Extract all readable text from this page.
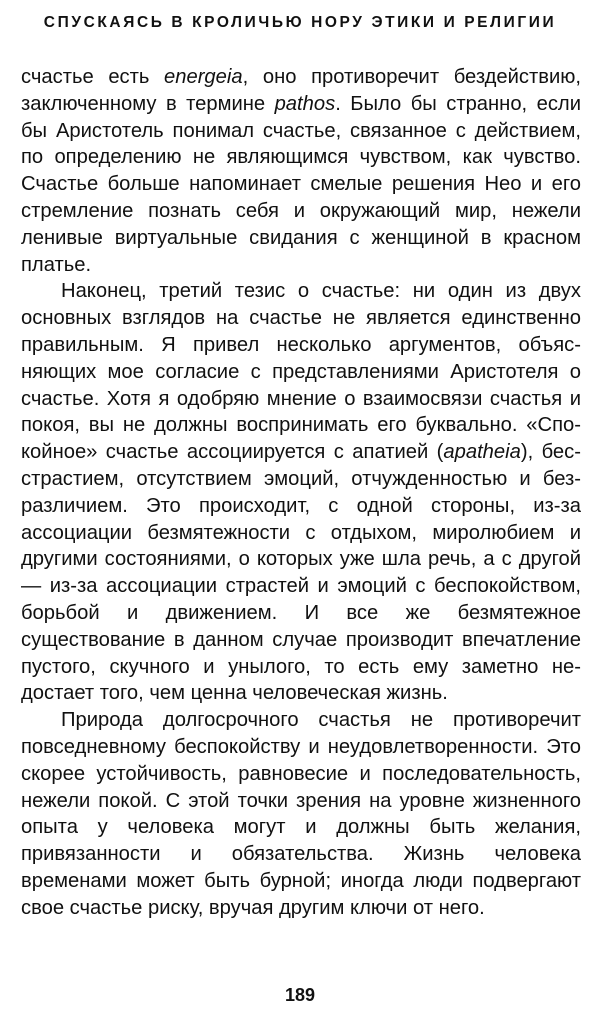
СПУСКАЯСЬ В КРОЛИЧЬЮ НОРУ ЭТИКИ И РЕЛИГИИ

счастье есть energeia, оно противоречит бездействию, заключенному в термине pathos. Было бы странно, если бы Аристотель понимал счастье, связанное с действием, по определению не являющимся чувством, как чувство. Счастье больше напоминает смелые решения Нео и его стремление познать себя и окружающий мир, нежели ленивые виртуальные свидания с женщиной в красном платье.

Наконец, третий тезис о счастье: ни один из двух основных взглядов на счастье не является единственно правильным. Я привел несколько аргументов, объясняющих мое согласие с представлениями Аристотеля о счастье. Хотя я одобряю мнение о взаимосвязи счастья и покоя, вы не должны воспринимать его буквально. «Спокойное» счастье ассоциируется с апатией (apatheia), бесстрастием, отсутствием эмоций, отчужденностью и безразличием. Это происходит, с одной стороны, из-за ассоциации безмятежности с отдыхом, миролюбием и другими состояниями, о которых уже шла речь, а с другой — из-за ассоциации страстей и эмоций с беспокойством, борьбой и движением. И все же безмятежное существование в данном случае производит впечатление пустого, скучного и унылого, то есть ему заметно недостает того, чем ценна человеческая жизнь.

Природа долгосрочного счастья не противоречит повседневному беспокойству и неудовлетворенности. Это скорее устойчивость, равновесие и последовательность, нежели покой. С этой точки зрения на уровне жизненного опыта у человека могут и должны быть желания, привязанности и обязательства. Жизнь человека временами может быть бурной; иногда люди подвергают свое счастье риску, вручая другим ключи от него.

189
